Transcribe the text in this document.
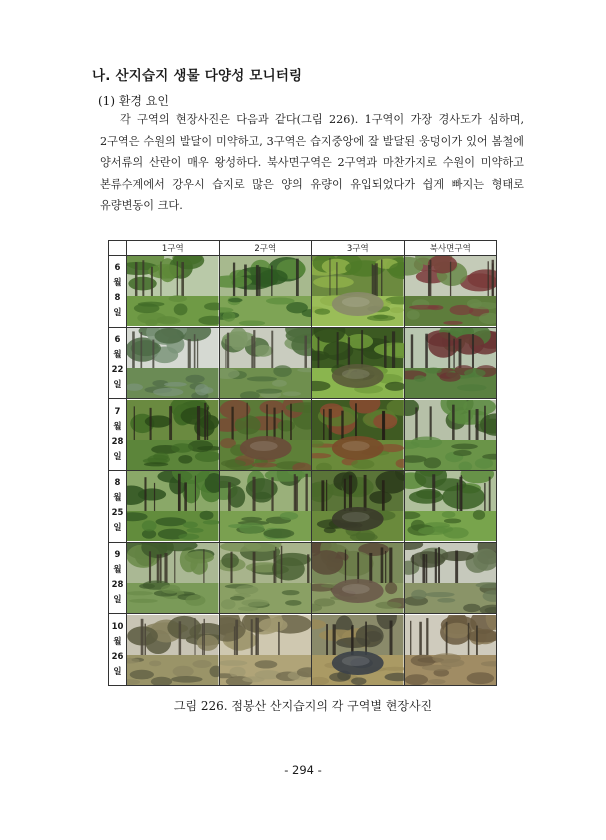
나. 산지습지 생물 다양성 모니터링
(1) 환경 요인

각 구역의 현장사진은 다음과 같다(그림 226). 1구역이 가장 경사도가 심하며, 2구역은 수원의 발달이 미약하고, 3구역은 습지중앙에 잘 발달된 웅덩이가 있어 봄철에 양서류의 산란이 매우 왕성하다. 북사면구역은 2구역과 마찬가지로 수원이 미약하고 본류수계에서 강우시 습지로 많은 양의 유량이 유입되었다가 쉽게 빠지는 형태로 유량변동이 크다.

	1구역	2구역	3구역	북사면구역

6
월
8
일

6
월
22
일

7
월
28
일

8
월
25
일

9
월
28
일

10
월
26
일

그림 226. 점봉산 산지습지의 각 구역별 현장사진
- 294 -
